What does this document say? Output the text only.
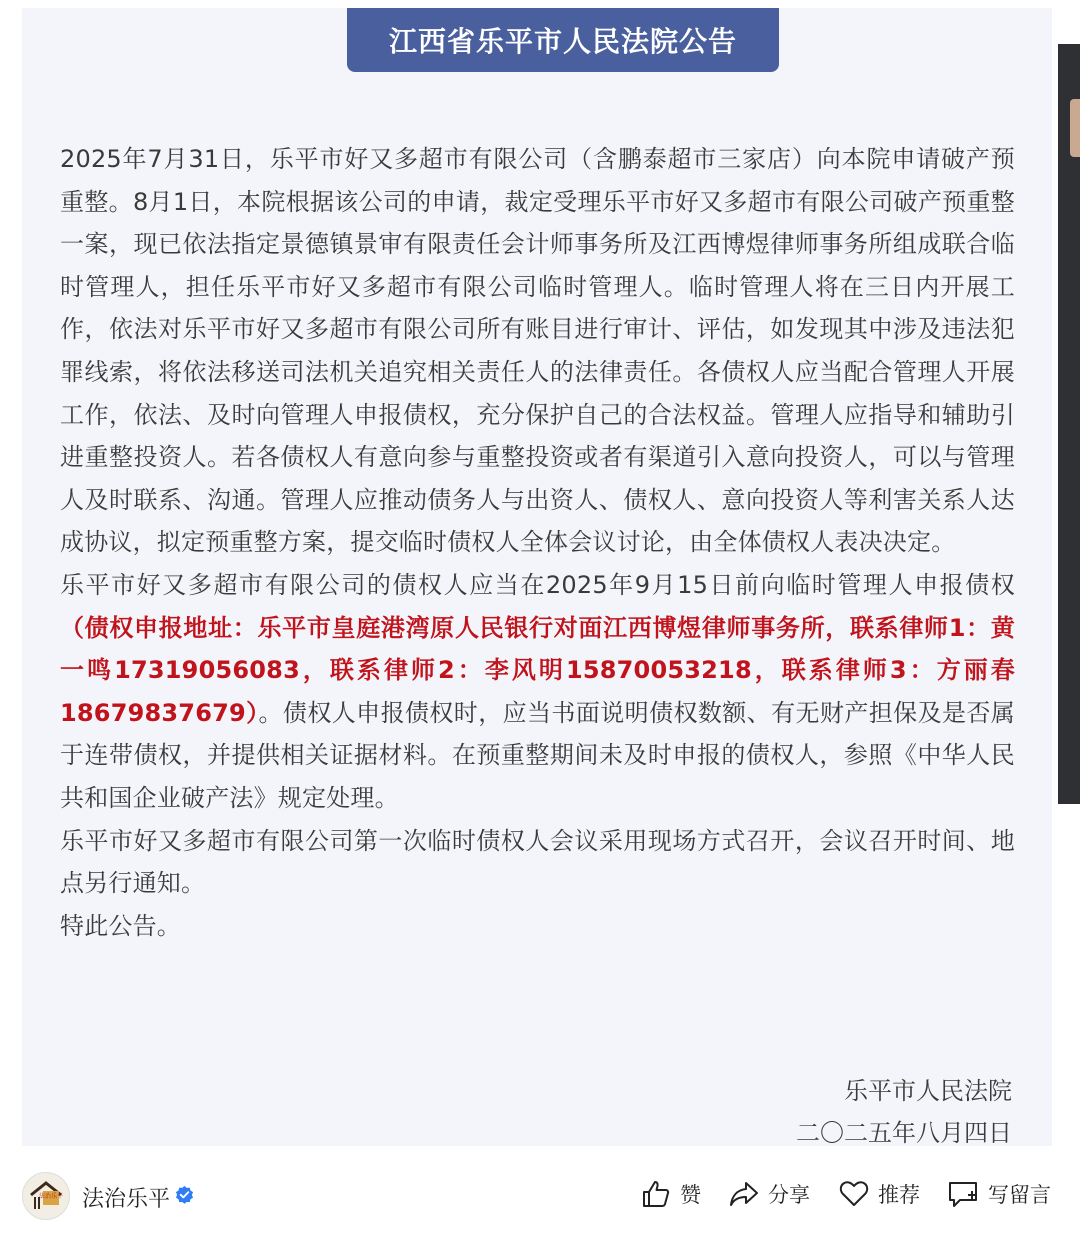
江西省乐平市人民法院公告

2025年7月31日，乐平市好又多超市有限公司（含鹏泰超市三家店）向本院申请破产预重整。8月1日，本院根据该公司的申请，裁定受理乐平市好又多超市有限公司破产预重整一案，现已依法指定景德镇景审有限责任会计师事务所及江西博煜律师事务所组成联合临时管理人，担任乐平市好又多超市有限公司临时管理人。临时管理人将在三日内开展工作，依法对乐平市好又多超市有限公司所有账目进行审计、评估，如发现其中涉及违法犯罪线索，将依法移送司法机关追究相关责任人的法律责任。各债权人应当配合管理人开展工作，依法、及时向管理人申报债权，充分保护自己的合法权益。管理人应指导和辅助引进重整投资人。若各债权人有意向参与重整投资或者有渠道引入意向投资人，可以与管理人及时联系、沟通。管理人应推动债务人与出资人、债权人、意向投资人等利害关系人达成协议，拟定预重整方案，提交临时债权人全体会议讨论，由全体债权人表决决定。

乐平市好又多超市有限公司的债权人应当在2025年9月15日前向临时管理人申报债权（债权申报地址：乐平市皇庭港湾原人民银行对面江西博煜律师事务所，联系律师1：黄一鸣17319056083，联系律师2：李风明15870053218，联系律师3：方丽春18679837679）。债权人申报债权时，应当书面说明债权数额、有无财产担保及是否属于连带债权，并提供相关证据材料。在预重整期间未及时申报的债权人，参照《中华人民共和国企业破产法》规定处理。

乐平市好又多超市有限公司第一次临时债权人会议采用现场方式召开，会议召开时间、地点另行通知。

特此公告。

乐平市人民法院
二〇二五年八月四日
法治乐平 法治乐平	赞	分享	推荐	写留言
